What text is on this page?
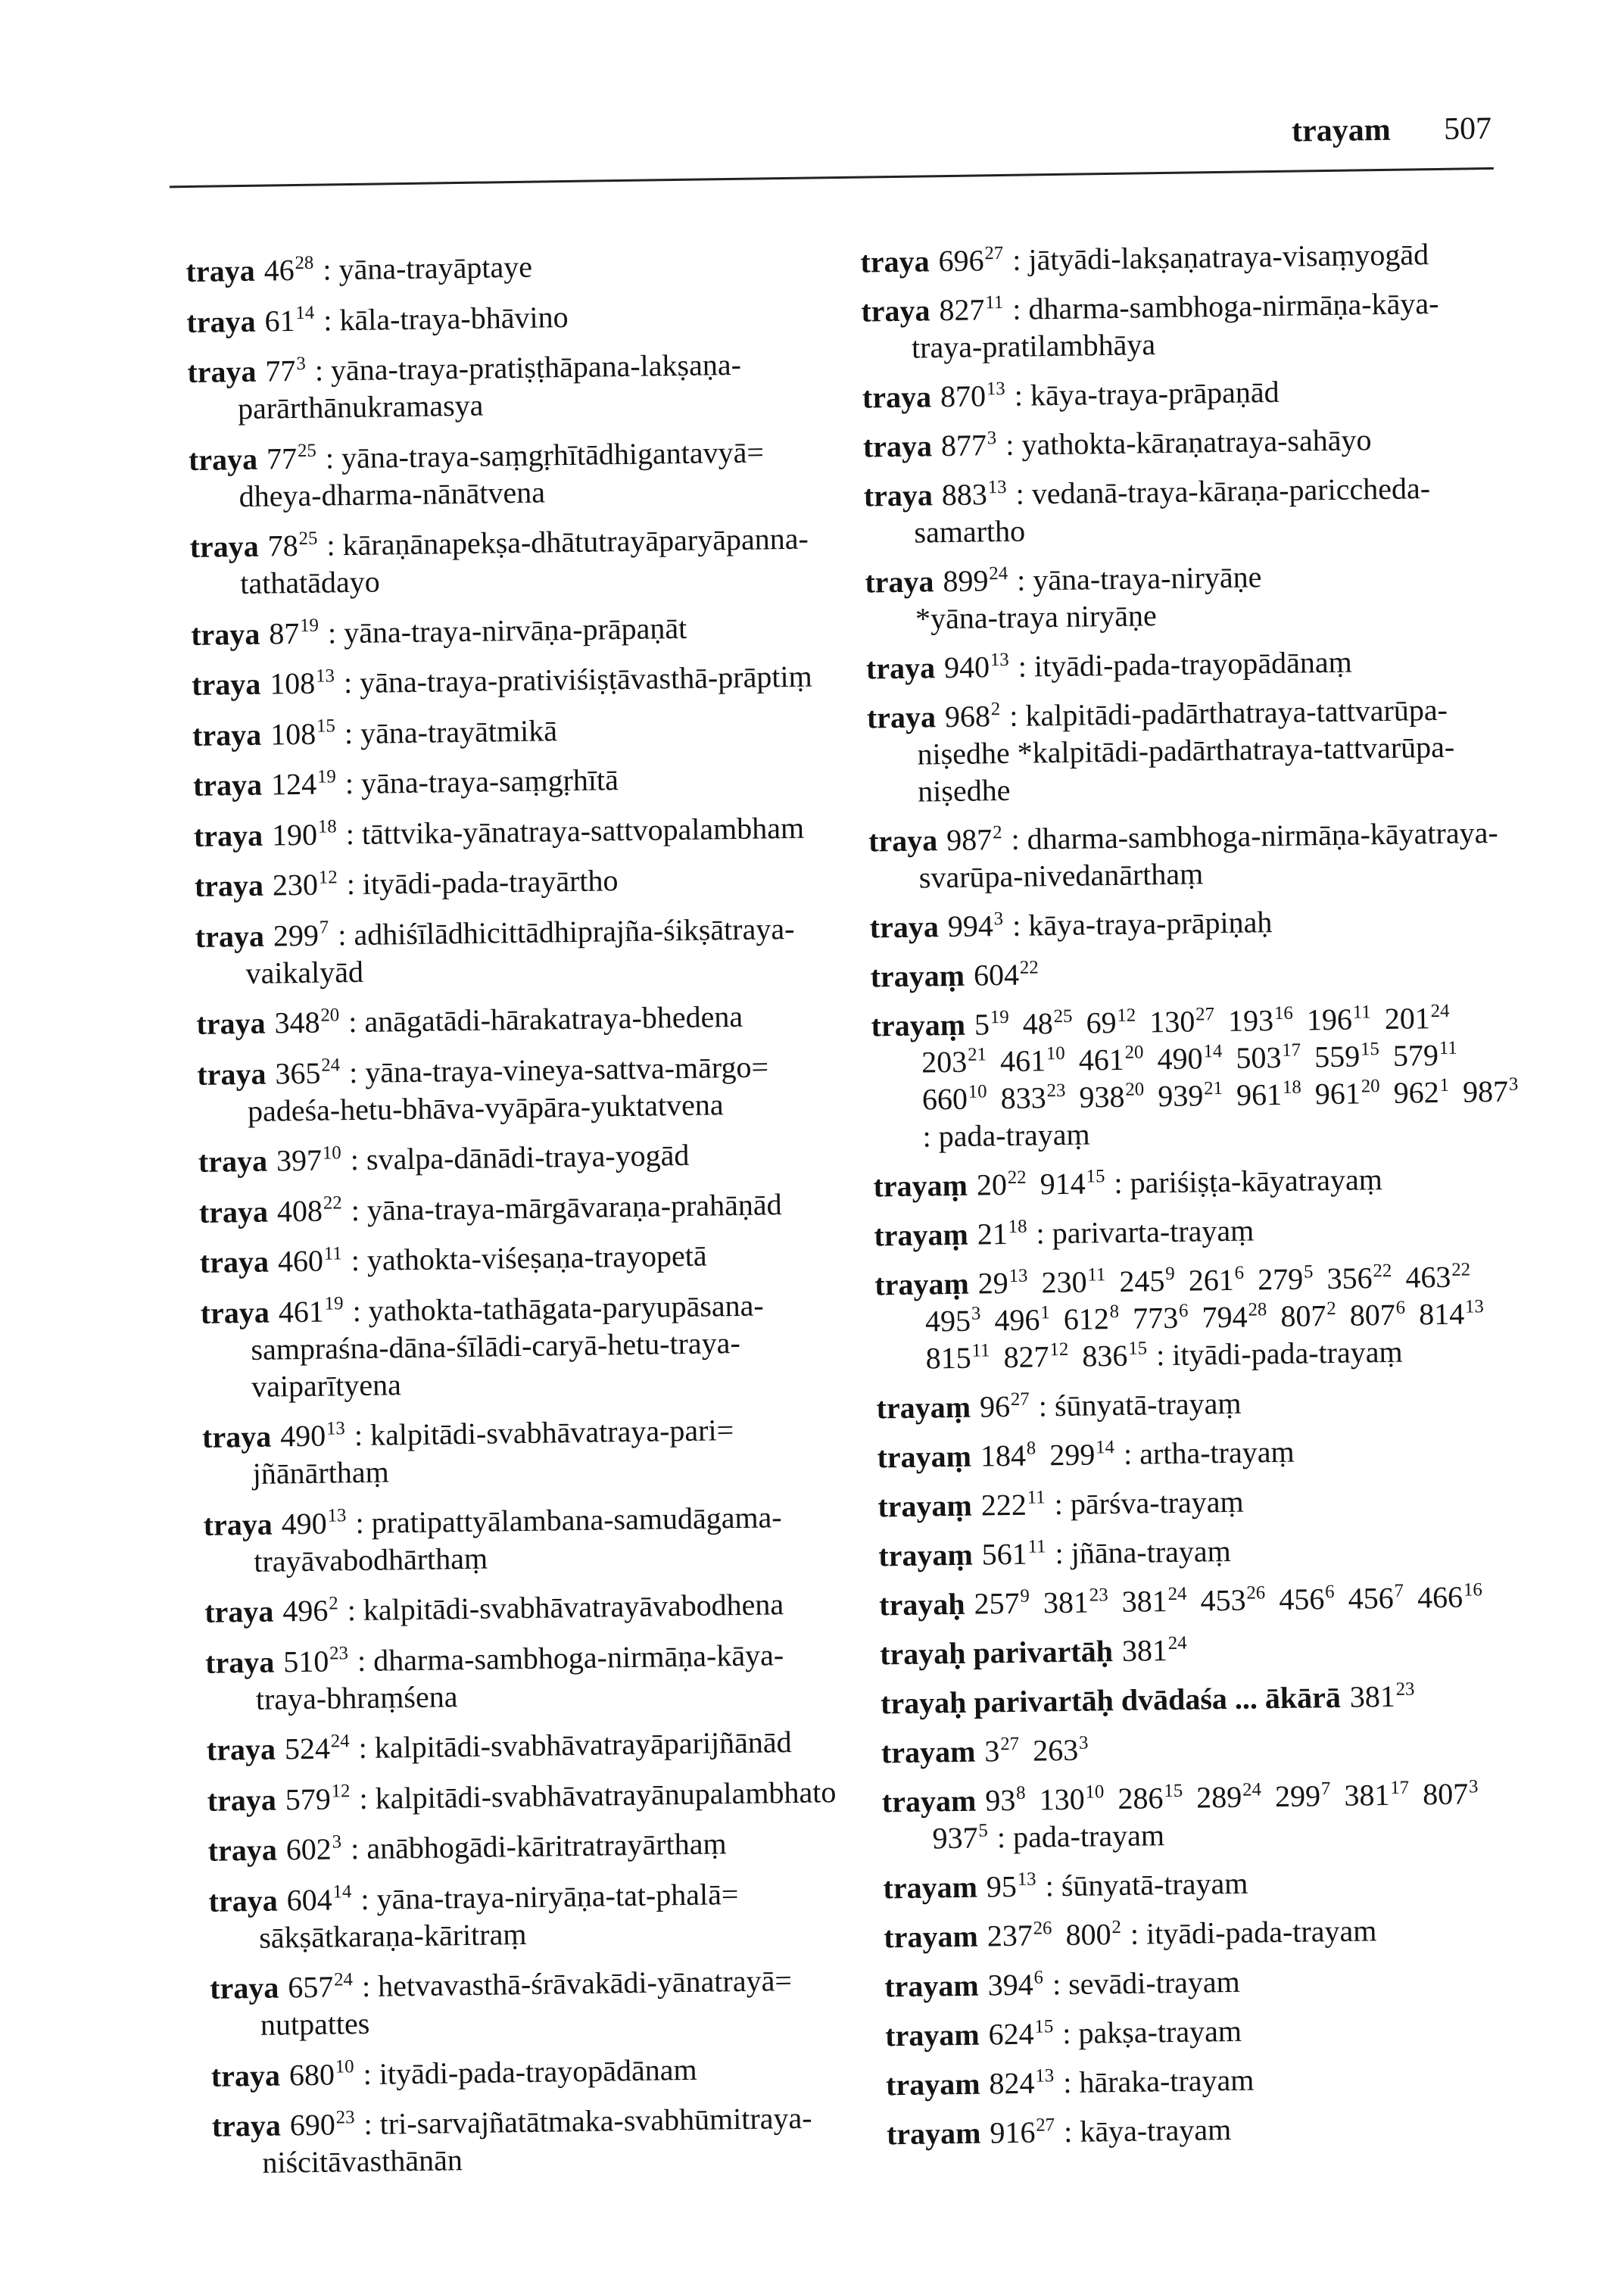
trayam 507
traya $46^{28}$ : yāna-trayāptaye
traya $61^{14}$ : kāla-traya-bhāvino
traya $77^3$ : yāna-traya-pratiṣṭhāpana-lakṣaṇa-
parārthānukramasya
traya $77^{25}$ : yāna-traya-saṃgṛhītādhigantavyā=
dheya-dharma-nānātvena
traya $78^{25}$ : kāraṇānapekṣa-dhātutrayāparyāpanna-
tathatādayo
traya $87^{19}$ : yāna-traya-nirvāṇa-prāpaṇāt
traya $108^{13}$ : yāna-traya-prativiśiṣṭāvasthā-prāptiṃ
traya $108^{15}$ : yāna-trayātmikā
traya $124^{19}$ : yāna-traya-saṃgṛhītā
traya $190^{18}$ : tāttvika-yānatraya-sattvopalambham
traya $230^{12}$ : ityādi-pada-trayārtho
traya $299^7$ : adhiśīlādhicittādhiprajña-śikṣātraya-
vaikalyād
traya $348^{20}$ : anāgatādi-hārakatraya-bhedena
traya $365^{24}$ : yāna-traya-vineya-sattva-mārgo=
padeśa-hetu-bhāva-vyāpāra-yuktatvena
traya $397^{10}$ : svalpa-dānādi-traya-yogād
traya $408^{22}$ : yāna-traya-mārgāvaraṇa-prahāṇād
traya $460^{11}$ : yathokta-viśeṣaṇa-trayopetā
traya $461^{19}$ : yathokta-tathāgata-paryupāsana-
sampraśna-dāna-śīlādi-caryā-hetu-traya-
vaiparītyena
traya $490^{13}$ : kalpitādi-svabhāvatraya-pari=
jñānārthaṃ
traya $490^{13}$ : pratipattyālambana-samudāgama-
trayāvabodhārthaṃ
traya $496^2$ : kalpitādi-svabhāvatrayāvabodhena
traya $510^{23}$ : dharma-sambhoga-nirmāṇa-kāya-
traya-bhraṃśena
traya $524^{24}$ : kalpitādi-svabhāvatrayāparijñānād
traya $579^{12}$ : kalpitādi-svabhāvatrayānupalambhato
traya $602^3$ : anābhogādi-kāritratrayārthaṃ
traya $604^{14}$ : yāna-traya-niryāṇa-tat-phalā=
sākṣātkaraṇa-kāritraṃ
traya $657^{24}$ : hetvavasthā-śrāvakādi-yānatrayā=
nutpattes
traya $680^{10}$ : ityādi-pada-trayopādānam
traya $690^{23}$ : tri-sarvajñatātmaka-svabhūmitraya-
niścitāvasthānān
traya $696^{27}$ : jātyādi-lakṣaṇatraya-visaṃyogād
traya $827^{11}$ : dharma-sambhoga-nirmāṇa-kāya-
traya-pratilambhāya
traya $870^{13}$ : kāya-traya-prāpaṇād
traya $877^3$ : yathokta-kāraṇatraya-sahāyo
traya $883^{13}$ : vedanā-traya-kāraṇa-pariccheda-
samartho
traya $899^{24}$ : yāna-traya-niryāṇe
*yāna-traya niryāṇe
traya $940^{13}$ : ityādi-pada-trayopādānaṃ
traya $968^2$ : kalpitādi-padārthatraya-tattvarūpa-
niṣedhe *kalpitādi-padārthatraya-tattvarūpa-
niṣedhe
traya $987^2$ : dharma-sambhoga-nirmāṇa-kāyatraya-
svarūpa-nivedanārthaṃ
traya $994^3$ : kāya-traya-prāpiṇaḥ
trayaṃ $604^{22}$
trayaṃ $5^{19}$ $48^{25}$ $69^{12}$ $130^{27}$ $193^{16}$ $196^{11}$ $201^{24}$
$203^{21}$ $461^{10}$ $461^{20}$ $490^{14}$ $503^{17}$ $559^{15}$ $579^{11}$
$660^{10}$ $833^{23}$ $938^{20}$ $939^{21}$ $961^{18}$ $961^{20}$ $962^1$ $987^3$
: pada-trayaṃ
trayaṃ $20^{22}$ $914^{15}$ : pariśiṣṭa-kāyatrayaṃ
trayaṃ $21^{18}$ : parivarta-trayaṃ
trayaṃ $29^{13}$ $230^{11}$ $245^9$ $261^6$ $279^5$ $356^{22}$ $463^{22}$
$495^3$ $496^1$ $612^8$ $773^6$ $794^{28}$ $807^2$ $807^6$ $814^{13}$
$815^{11}$ $827^{12}$ $836^{15}$ : ityādi-pada-trayaṃ
trayaṃ $96^{27}$ : śūnyatā-trayaṃ
trayaṃ $184^8$ $299^{14}$ : artha-trayaṃ
trayaṃ $222^{11}$ : pārśva-trayaṃ
trayaṃ $561^{11}$ : jñāna-trayaṃ
trayaḥ $257^9$ $381^{23}$ $381^{24}$ $453^{26}$ $456^6$ $456^7$ $466^{16}$
trayaḥ parivartāḥ $381^{24}$
trayaḥ parivartāḥ dvādaśa ... ākārā $381^{23}$
trayam $3^{27}$ $263^3$
trayam $93^8$ $130^{10}$ $286^{15}$ $289^{24}$ $299^7$ $381^{17}$ $807^3$
$937^5$ : pada-trayam
trayam $95^{13}$ : śūnyatā-trayam
trayam $237^{26}$ $800^2$ : ityādi-pada-trayam
trayam $394^6$ : sevādi-trayam
trayam $624^{15}$ : pakṣa-trayam
trayam $824^{13}$ : hāraka-trayam
trayam $916^{27}$ : kāya-trayam
